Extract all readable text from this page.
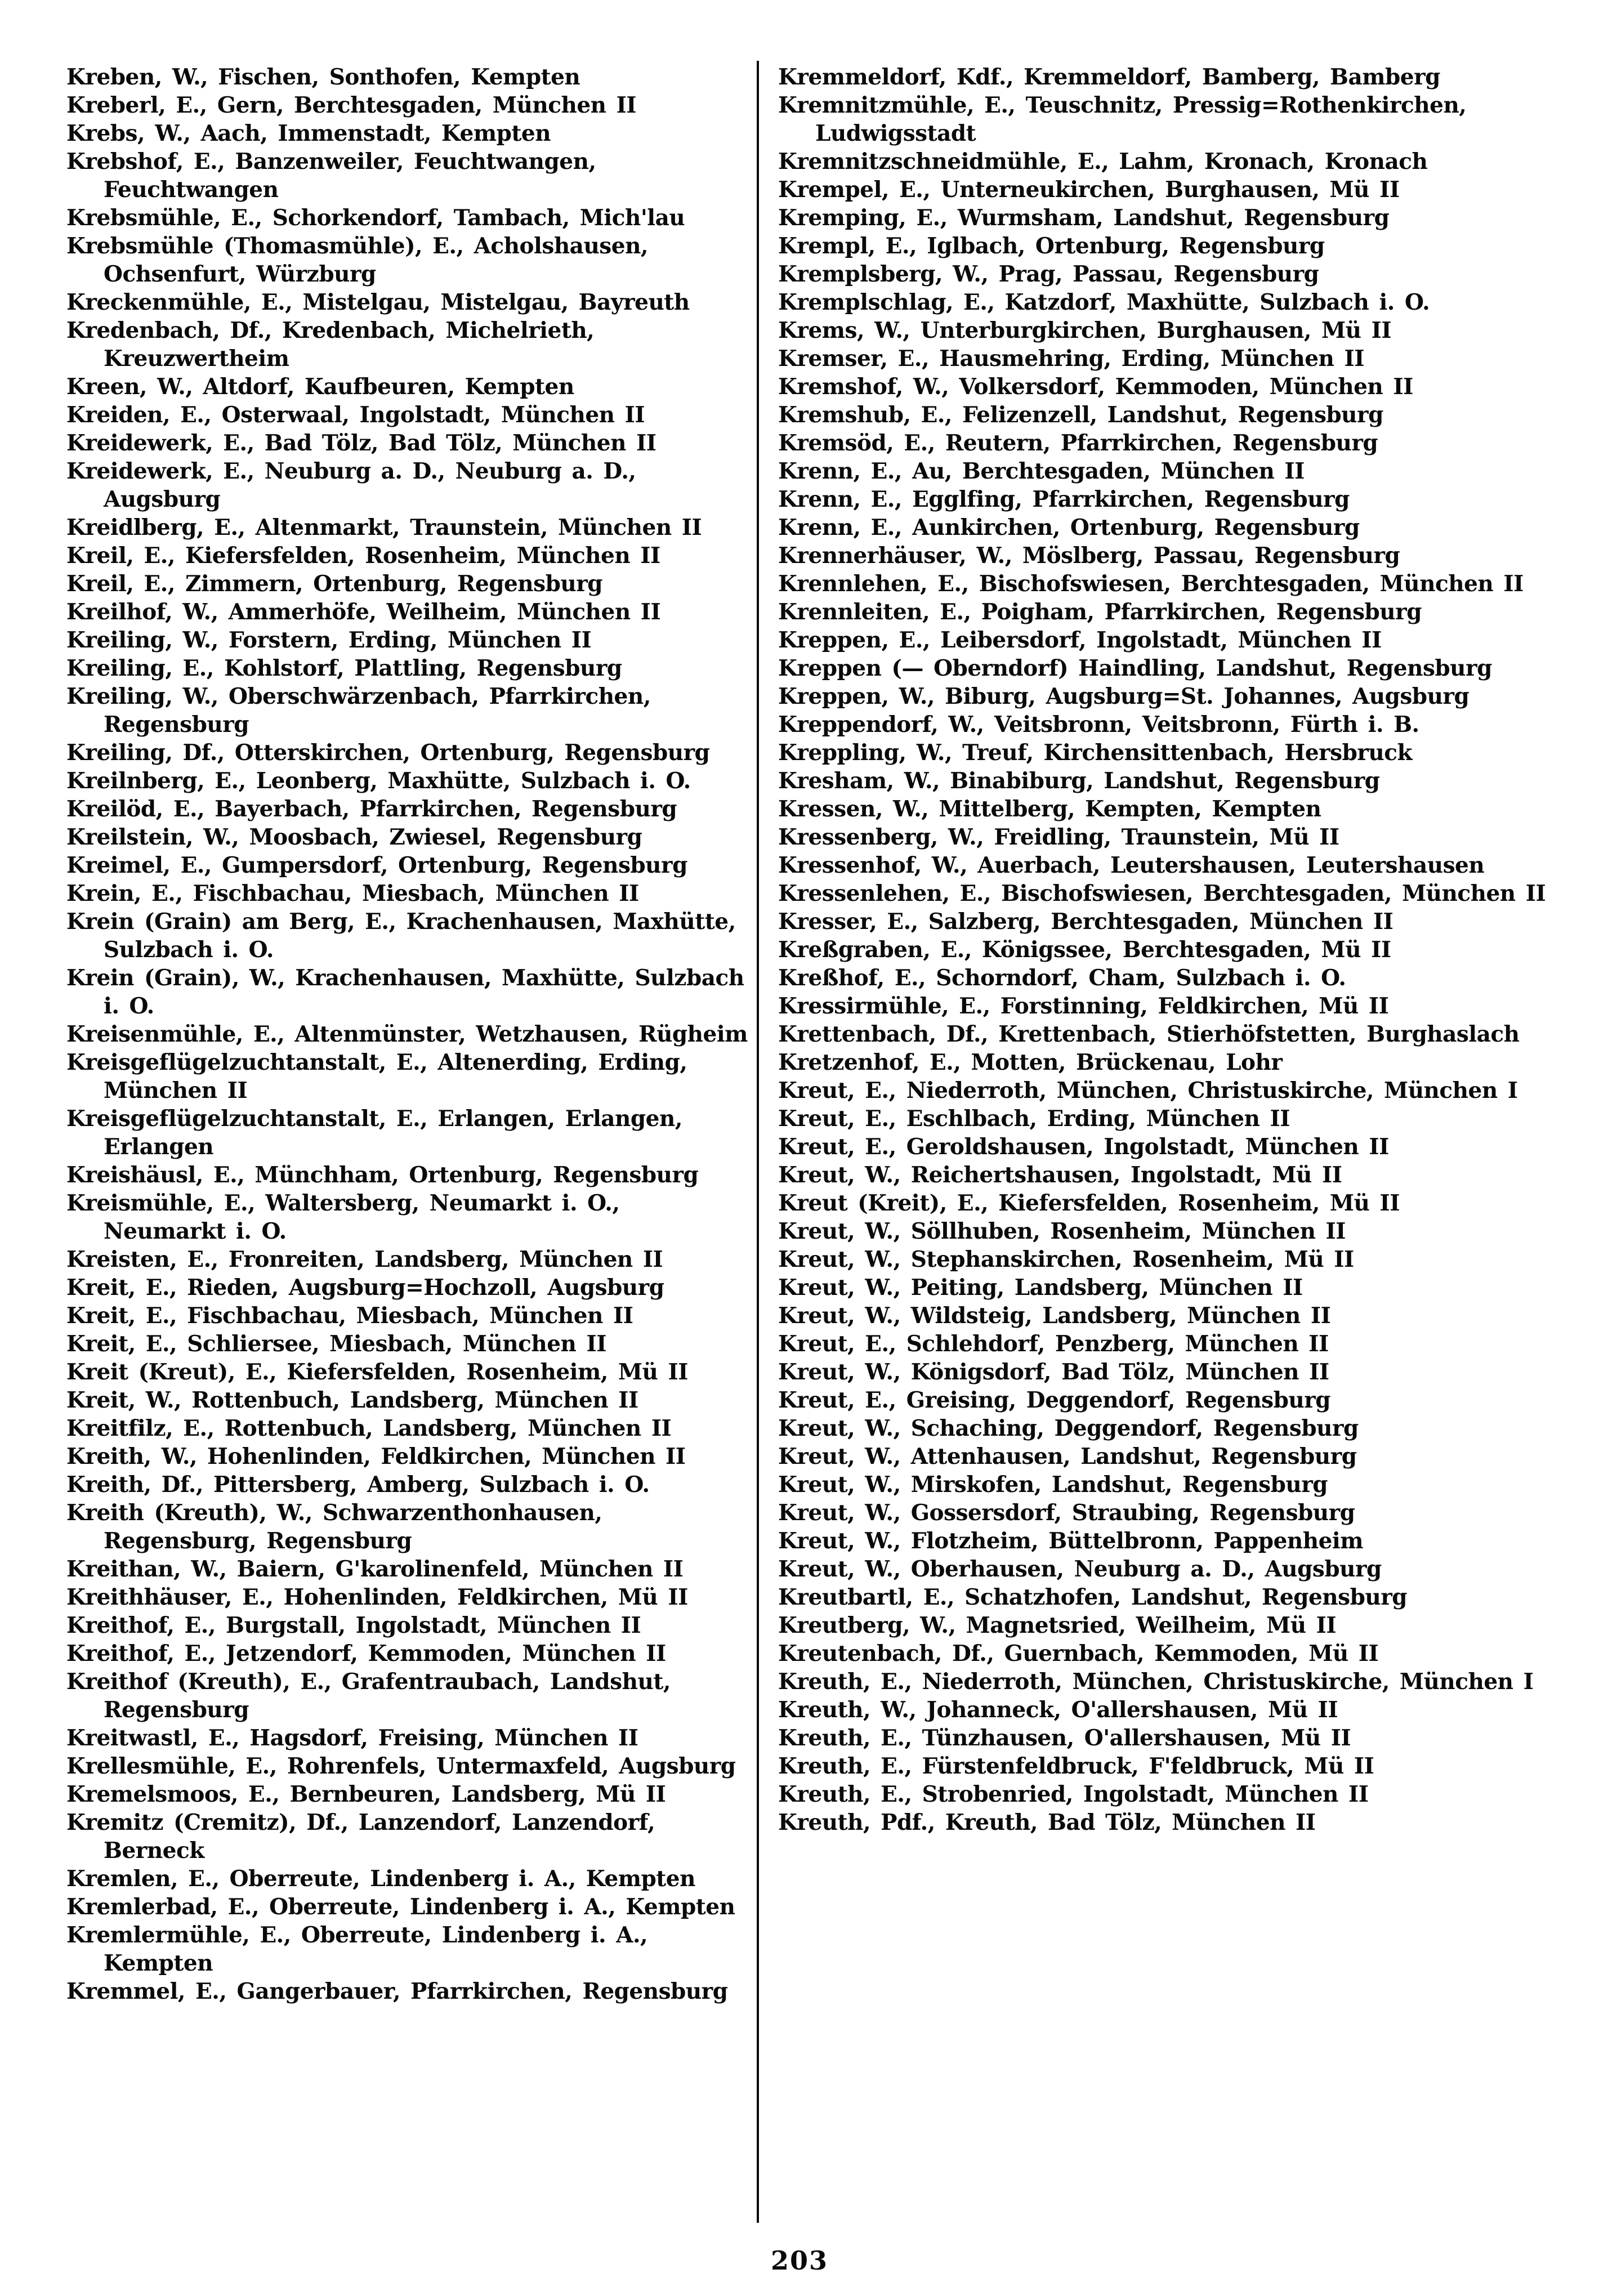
Kreben, W., Fischen, Sonthofen, Kempten
Kreberl, E., Gern, Berchtesgaden, München II
Krebs, W., Aach, Immenstadt, Kempten
Krebshof, E., Banzenweiler, Feuchtwangen, Feuchtwangen
Krebsmühle, E., Schorkendorf, Tambach, Mich'lau
Krebsmühle (Thomasmühle), E., Acholshausen, Ochsenfurt, Würzburg
Kreckenmühle, E., Mistelgau, Mistelgau, Bayreuth
Kredenbach, Df., Kredenbach, Michelrieth, Kreuzwertheim
Kreen, W., Altdorf, Kaufbeuren, Kempten
Kreiden, E., Osterwaal, Ingolstadt, München II
Kreidewerk, E., Bad Tölz, Bad Tölz, München II
Kreidewerk, E., Neuburg a. D., Neuburg a. D., Augsburg
Kreidlberg, E., Altenmarkt, Traunstein, München II
Kreil, E., Kiefersfelden, Rosenheim, München II
Kreil, E., Zimmern, Ortenburg, Regensburg
Kreilhof, W., Ammerhöfe, Weilheim, München II
Kreiling, W., Forstern, Erding, München II
Kreiling, E., Kohlstorf, Plattling, Regensburg
Kreiling, W., Oberschwärzenbach, Pfarrkirchen, Regensburg
Kreiling, Df., Otterskirchen, Ortenburg, Regensburg
Kreilnberg, E., Leonberg, Maxhütte, Sulzbach i. O.
Kreilöd, E., Bayerbach, Pfarrkirchen, Regensburg
Kreilstein, W., Moosbach, Zwiesel, Regensburg
Kreimel, E., Gumpersdorf, Ortenburg, Regensburg
Krein, E., Fischbachau, Miesbach, München II
Krein (Grain) am Berg, E., Krachenhausen, Maxhütte, Sulzbach i. O.
Krein (Grain), W., Krachenhausen, Maxhütte, Sulzbach i. O.
Kreisenmühle, E., Altenmünster, Wetzhausen, Rügheim
Kreisgeflügelzuchtanstalt, E., Altenerding, Erding, München II
Kreisgeflügelzuchtanstalt, E., Erlangen, Erlangen, Erlangen
Kreishäusl, E., Münchham, Ortenburg, Regensburg
Kreismühle, E., Waltersberg, Neumarkt i. O., Neumarkt i. O.
Kreisten, E., Fronreiten, Landsberg, München II
Kreit, E., Rieden, Augsburg=Hochzoll, Augsburg
Kreit, E., Fischbachau, Miesbach, München II
Kreit, E., Schliersee, Miesbach, München II
Kreit (Kreut), E., Kiefersfelden, Rosenheim, Mü II
Kreit, W., Rottenbuch, Landsberg, München II
Kreitfilz, E., Rottenbuch, Landsberg, München II
Kreith, W., Hohenlinden, Feldkirchen, München II
Kreith, Df., Pittersberg, Amberg, Sulzbach i. O.
Kreith (Kreuth), W., Schwarzenthonhausen, Regensburg, Regensburg
Kreithan, W., Baiern, G'karolinenfeld, München II
Kreithhäuser, E., Hohenlinden, Feldkirchen, Mü II
Kreithof, E., Burgstall, Ingolstadt, München II
Kreithof, E., Jetzendorf, Kemmoden, München II
Kreithof (Kreuth), E., Grafentraubach, Landshut, Regensburg
Kreitwastl, E., Hagsdorf, Freising, München II
Krellesmühle, E., Rohrenfels, Untermaxfeld, Augsburg
Kremelsmoos, E., Bernbeuren, Landsberg, Mü II
Kremitz (Cremitz), Df., Lanzendorf, Lanzendorf, Berneck
Kremlen, E., Oberreute, Lindenberg i. A., Kempten
Kremlerbad, E., Oberreute, Lindenberg i. A., Kempten
Kremlermühle, E., Oberreute, Lindenberg i. A., Kempten
Kremmel, E., Gangerbauer, Pfarrkirchen, Regensburg
Kremmeldorf, Kdf., Kremmeldorf, Bamberg, Bamberg
Kremnitzmühle, E., Teuschnitz, Pressig=Rothenkirchen, Ludwigsstadt
Kremnitzschneidmühle, E., Lahm, Kronach, Kronach
Krempel, E., Unterneukirchen, Burghausen, Mü II
Kremping, E., Wurmsham, Landshut, Regensburg
Krempl, E., Iglbach, Ortenburg, Regensburg
Kremplsberg, W., Prag, Passau, Regensburg
Kremplschlag, E., Katzdorf, Maxhütte, Sulzbach i. O.
Krems, W., Unterburgkirchen, Burghausen, Mü II
Kremser, E., Hausmehring, Erding, München II
Kremshof, W., Volkersdorf, Kemmoden, München II
Kremshub, E., Felizenzell, Landshut, Regensburg
Kremsöd, E., Reutern, Pfarrkirchen, Regensburg
Krenn, E., Au, Berchtesgaden, München II
Krenn, E., Egglfing, Pfarrkirchen, Regensburg
Krenn, E., Aunkirchen, Ortenburg, Regensburg
Krennerhäuser, W., Möslberg, Passau, Regensburg
Krennlehen, E., Bischofswiesen, Berchtesgaden, München II
Krennleiten, E., Poigham, Pfarrkirchen, Regensburg
Kreppen, E., Leibersdorf, Ingolstadt, München II
Kreppen (— Oberndorf) Haindling, Landshut, Regensburg
Kreppen, W., Biburg, Augsburg=St. Johannes, Augsburg
Kreppendorf, W., Veitsbronn, Veitsbronn, Fürth i. B.
Kreppling, W., Treuf, Kirchensittenbach, Hersbruck
Kresham, W., Binabiburg, Landshut, Regensburg
Kressen, W., Mittelberg, Kempten, Kempten
Kressenberg, W., Freidling, Traunstein, Mü II
Kressenhof, W., Auerbach, Leutershausen, Leutershausen
Kressenlehen, E., Bischofswiesen, Berchtesgaden, München II
Kresser, E., Salzberg, Berchtesgaden, München II
Kreßgraben, E., Königssee, Berchtesgaden, Mü II
Kreßhof, E., Schorndorf, Cham, Sulzbach i. O.
Kressirmühle, E., Forstinning, Feldkirchen, Mü II
Krettenbach, Df., Krettenbach, Stierhöfstetten, Burghaslach
Kretzenhof, E., Motten, Brückenau, Lohr
Kreut, E., Niederroth, München, Christuskirche, München I
Kreut, E., Eschlbach, Erding, München II
Kreut, E., Geroldshausen, Ingolstadt, München II
Kreut, W., Reichertshausen, Ingolstadt, Mü II
Kreut (Kreit), E., Kiefersfelden, Rosenheim, Mü II
Kreut, W., Söllhuben, Rosenheim, München II
Kreut, W., Stephanskirchen, Rosenheim, Mü II
Kreut, W., Peiting, Landsberg, München II
Kreut, W., Wildsteig, Landsberg, München II
Kreut, E., Schlehdorf, Penzberg, München II
Kreut, W., Königsdorf, Bad Tölz, München II
Kreut, E., Greising, Deggendorf, Regensburg
Kreut, W., Schaching, Deggendorf, Regensburg
Kreut, W., Attenhausen, Landshut, Regensburg
Kreut, W., Mirskofen, Landshut, Regensburg
Kreut, W., Gossersdorf, Straubing, Regensburg
Kreut, W., Flotzheim, Büttelbronn, Pappenheim
Kreut, W., Oberhausen, Neuburg a. D., Augsburg
Kreutbartl, E., Schatzhofen, Landshut, Regensburg
Kreutberg, W., Magnetsried, Weilheim, Mü II
Kreutenbach, Df., Guernbach, Kemmoden, Mü II
Kreuth, E., Niederroth, München, Christuskirche, München I
Kreuth, W., Johanneck, O'allershausen, Mü II
Kreuth, E., Tünzhausen, O'allershausen, Mü II
Kreuth, E., Fürstenfeldbruck, F'feldbruck, Mü II
Kreuth, E., Strobenried, Ingolstadt, München II
Kreuth, Pdf., Kreuth, Bad Tölz, München II
203
